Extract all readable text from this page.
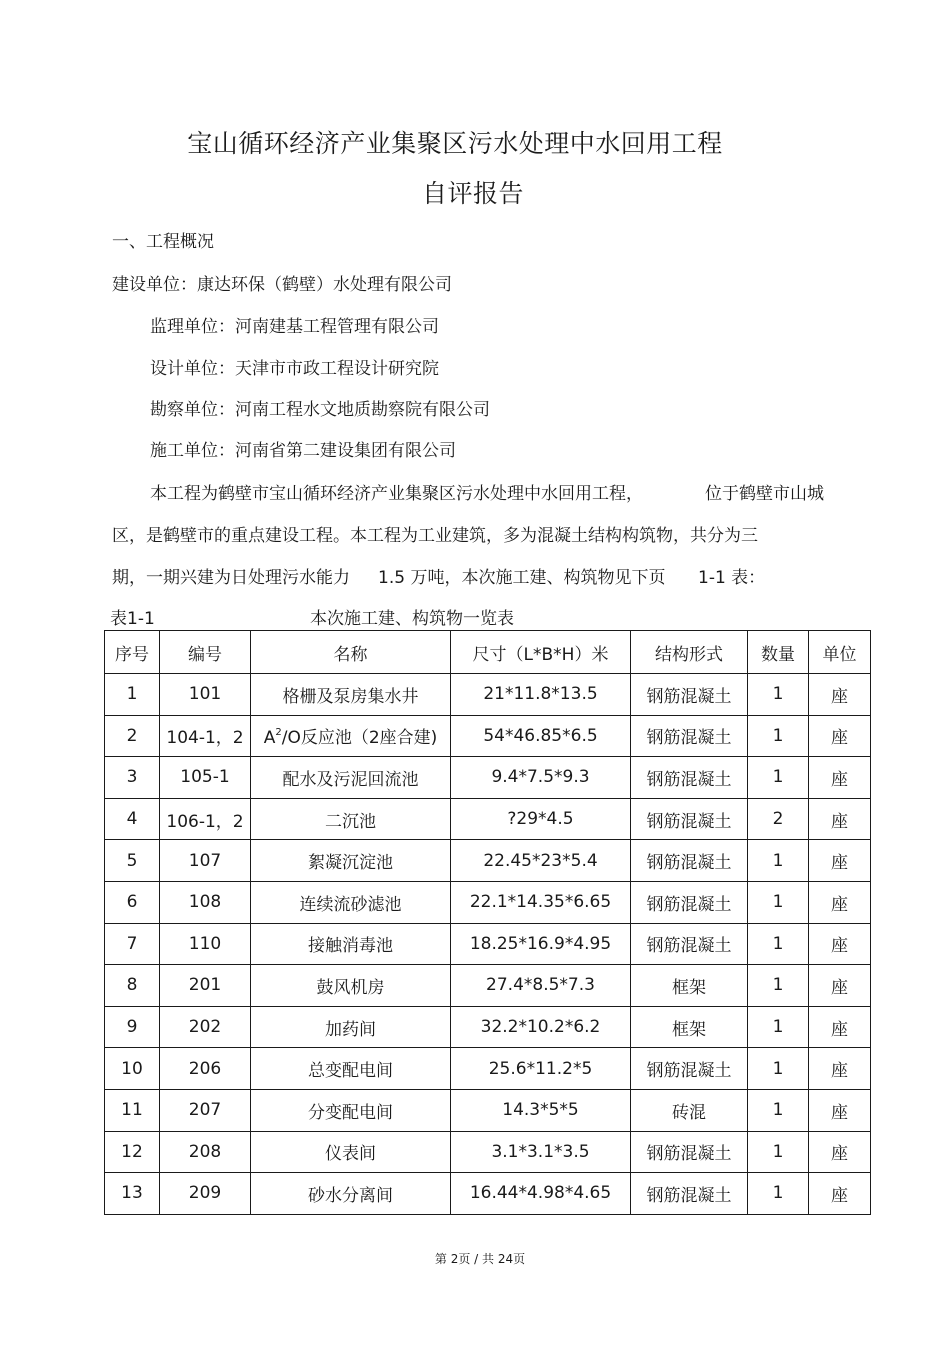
宝山循环经济产业集聚区污水处理中水回用工程
自评报告
一、工程概况
建设单位：康达环保（鹤壁）水处理有限公司
监理单位：河南建基工程管理有限公司
设计单位：天津市市政工程设计研究院
勘察单位：河南工程水文地质勘察院有限公司
施工单位：河南省第二建设集团有限公司
本工程为鹤壁市宝山循环经济产业集聚区污水处理中水回用工程，	位于鹤壁市山城
区，是鹤壁市的重点建设工程。本工程为工业建筑，多为混凝土结构构筑物，共分为三
期，一期兴建为日处理污水能力 1.5 万吨，本次施工建、构筑物见下页 1-1 表：
表1-1	本次施工建、构筑物一览表
序号	编号	名称	尺寸（L*B*H）米	结构形式	数量	单位
1	101	格栅及泵房集水井	21*11.8*13.5	钢筋混凝土	1	座
2	104-1，2	$A^2/O$反应池（2座合建)	54*46.85*6.5	钢筋混凝土	1	座
3	105-1	配水及污泥回流池	9.4*7.5*9.3	钢筋混凝土	1	座
4	106-1，2	二沉池	?29*4.5	钢筋混凝土	2	座
5	107	絮凝沉淀池	22.45*23*5.4	钢筋混凝土	1	座
6	108	连续流砂滤池	22.1*14.35*6.65	钢筋混凝土	1	座
7	110	接触消毒池	18.25*16.9*4.95	钢筋混凝土	1	座
8	201	鼓风机房	27.4*8.5*7.3	框架	1	座
9	202	加药间	32.2*10.2*6.2	框架	1	座
10	206	总变配电间	25.6*11.2*5	钢筋混凝土	1	座
11	207	分变配电间	14.3*5*5	砖混	1	座
12	208	仪表间	3.1*3.1*3.5	钢筋混凝土	1	座
13	209	砂水分离间	16.44*4.98*4.65	钢筋混凝土	1	座
第 2页 / 共 24页
